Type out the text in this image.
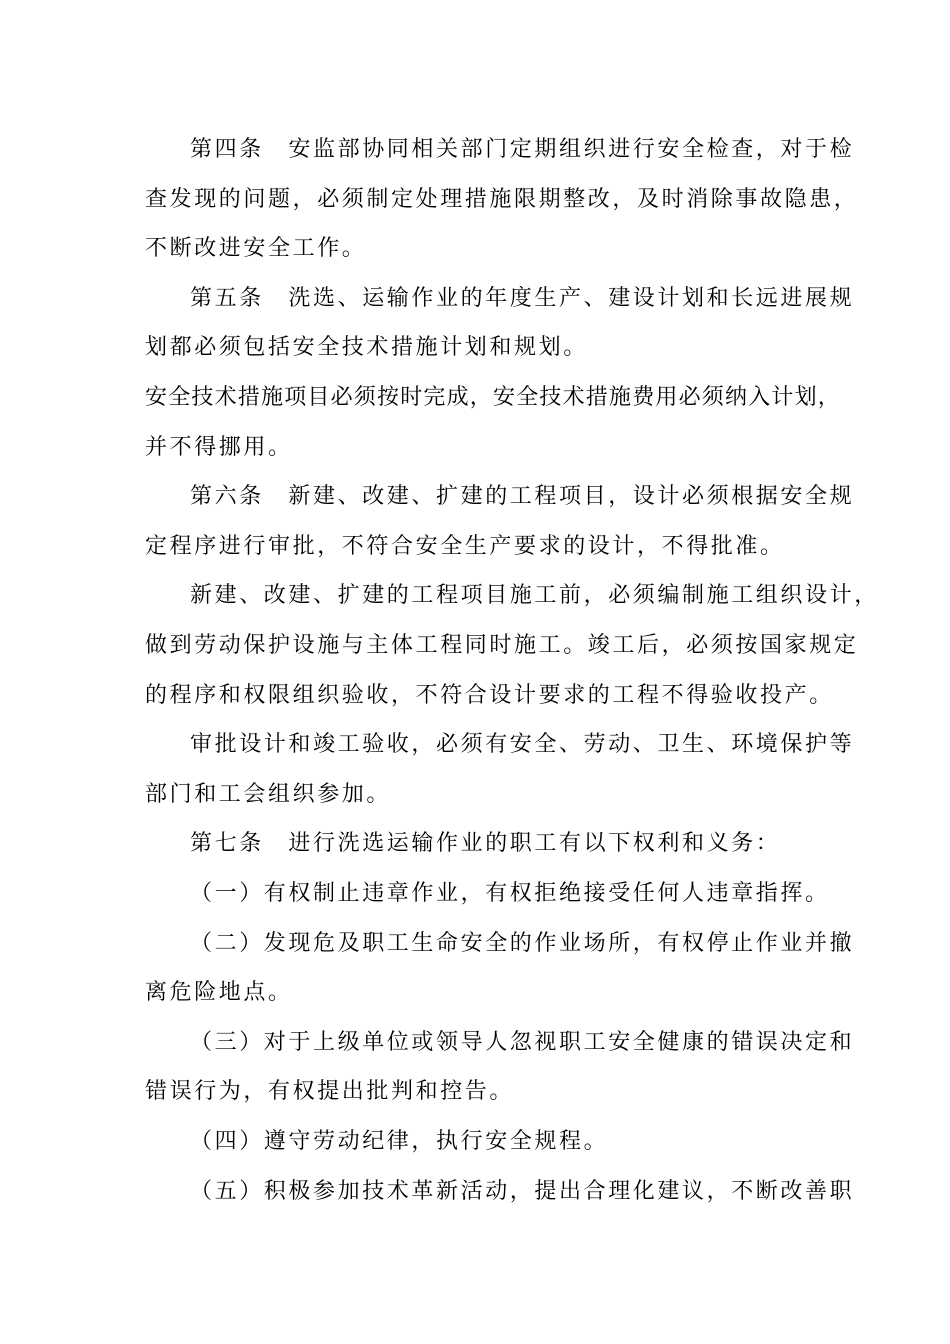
第四条　安监部协同相关部门定期组织进行安全检查，对于检
查发现的问题，必须制定处理措施限期整改，及时消除事故隐患，
不断改进安全工作。
第五条　洗选、运输作业的年度生产、建设计划和长远进展规
划都必须包括安全技术措施计划和规划。
安全技术措施项目必须按时完成，安全技术措施费用必须纳入计划，
并不得挪用。
第六条　新建、改建、扩建的工程项目，设计必须根据安全规
定程序进行审批，不符合安全生产要求的设计，不得批准。
新建、改建、扩建的工程项目施工前，必须编制施工组织设计，
做到劳动保护设施与主体工程同时施工。竣工后，必须按国家规定
的程序和权限组织验收，不符合设计要求的工程不得验收投产。
审批设计和竣工验收，必须有安全、劳动、卫生、环境保护等
部门和工会组织参加。
第七条　进行洗选运输作业的职工有以下权利和义务：
（一）有权制止违章作业，有权拒绝接受任何人违章指挥。
（二）发现危及职工生命安全的作业场所，有权停止作业并撤
离危险地点。
（三）对于上级单位或领导人忽视职工安全健康的错误决定和
错误行为，有权提出批判和控告。
（四）遵守劳动纪律，执行安全规程。
（五）积极参加技术革新活动，提出合理化建议，不断改善职
